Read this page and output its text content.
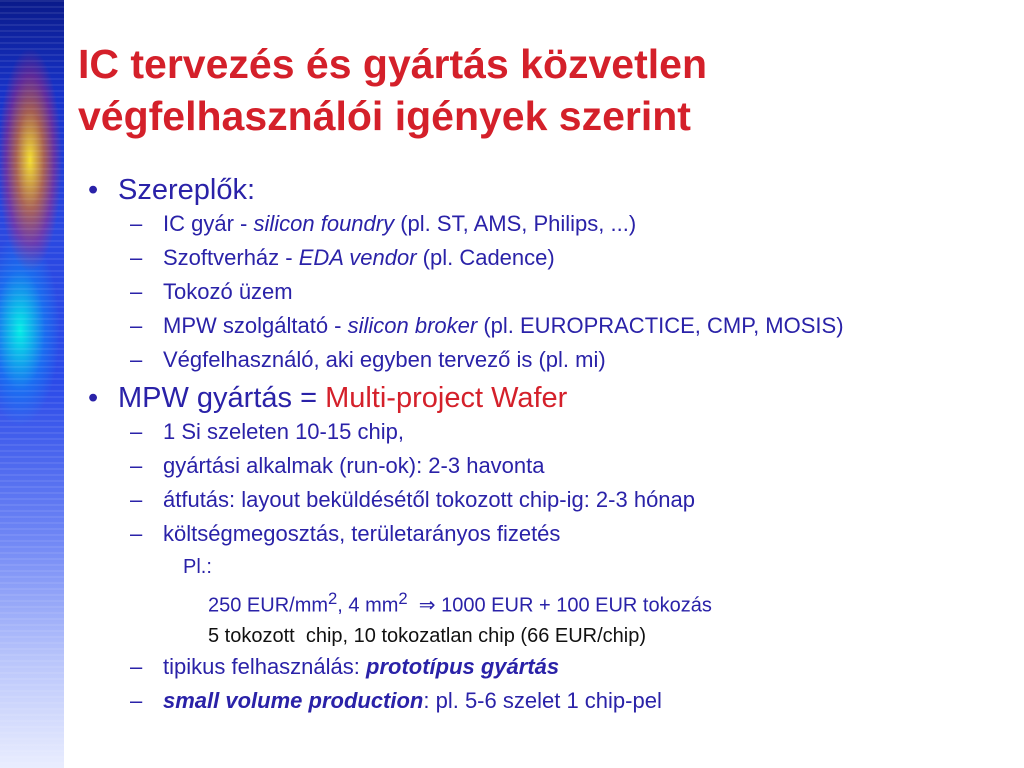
IC tervezés és gyártás közvetlen
végfelhasználói igények szerint
• Szereplők:
– IC gyár - silicon foundry (pl. ST, AMS, Philips, ...)
– Szoftverház - EDA vendor (pl. Cadence)
– Tokozó üzem
– MPW szolgáltató - silicon broker (pl. EUROPRACTICE, CMP, MOSIS)
– Végfelhasználó, aki egyben tervező is (pl. mi)
• MPW gyártás = Multi-project Wafer
– 1 Si szeleten 10-15 chip,
– gyártási alkalmak (run-ok): 2-3 havonta
– átfutás: layout beküldésétől tokozott chip-ig: 2-3 hónap
– költségmegosztás, területarányos fizetés
Pl.:
250 EUR/$mm^2$, 4 $mm^2$  ⇒ 1000 EUR + 100 EUR tokozás
5 tokozott  chip, 10 tokozatlan chip (66 EUR/chip)
– tipikus felhasználás: prototípus gyártás
– small volume production: pl. 5-6 szelet 1 chip-pel
